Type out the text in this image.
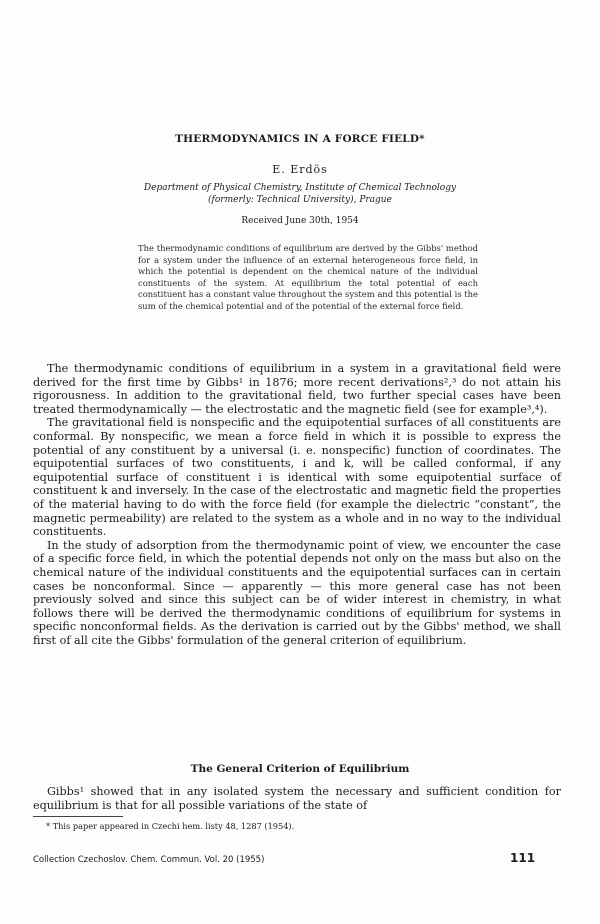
THERMODYNAMICS IN A FORCE FIELD*
E. Erdös
Department of Physical Chemistry, Institute of Chemical Technology
(formerly: Technical University), Prague
Received June 30th, 1954
The thermodynamic conditions of equilibrium are derived by the Gibbs' method for a system under the influence of an external heterogeneous force field, in which the potential is dependent on the chemical nature of the individual constituents of the system. At equilibrium the total potential of each constituent has a constant value throughout the system and this potential is the sum of the chemical potential and of the potential of the external force field.

The thermodynamic conditions of equilibrium in a system in a gravitational field were derived for the first time by Gibbs¹ in 1876; more recent derivations²,³ do not attain his rigorousness. In addition to the gravitational field, two further special cases have been treated thermodynamically — the electrostatic and the magnetic field (see for example³,⁴).

The gravitational field is nonspecific and the equipotential surfaces of all constituents are conformal. By nonspecific, we mean a force field in which it is possible to express the potential of any constituent by a universal (i. e. nonspecific) function of coordinates. The equipotential surfaces of two constituents, i and k, will be called conformal, if any equipotential surface of constituent i is identical with some equipotential surface of constituent k and inversely. In the case of the electrostatic and magnetic field the properties of the material having to do with the force field (for example the dielectric “constant”, the magnetic permeability) are related to the system as a whole and in no way to the individual constituents.

In the study of adsorption from the thermodynamic point of view, we encounter the case of a specific force field, in which the potential depends not only on the mass but also on the chemical nature of the individual constituents and the equipotential surfaces can in certain cases be nonconformal. Since — apparently — this more general case has not been previously solved and since this subject can be of wider interest in chemistry, in what follows there will be derived the thermodynamic conditions of equilibrium for systems in specific nonconformal fields. As the derivation is carried out by the Gibbs' method, we shall first of all cite the Gibbs' formulation of the general criterion of equilibrium.

The General Criterion of Equilibrium

Gibbs¹ showed that in any isolated system the necessary and sufficient condition for equilibrium is that for all possible variations of the state of

* This paper appeared in Czechi hem. listy 48, 1287 (1954).
Collection Czechoslov. Chem. Commun. Vol. 20 (1955)	111
